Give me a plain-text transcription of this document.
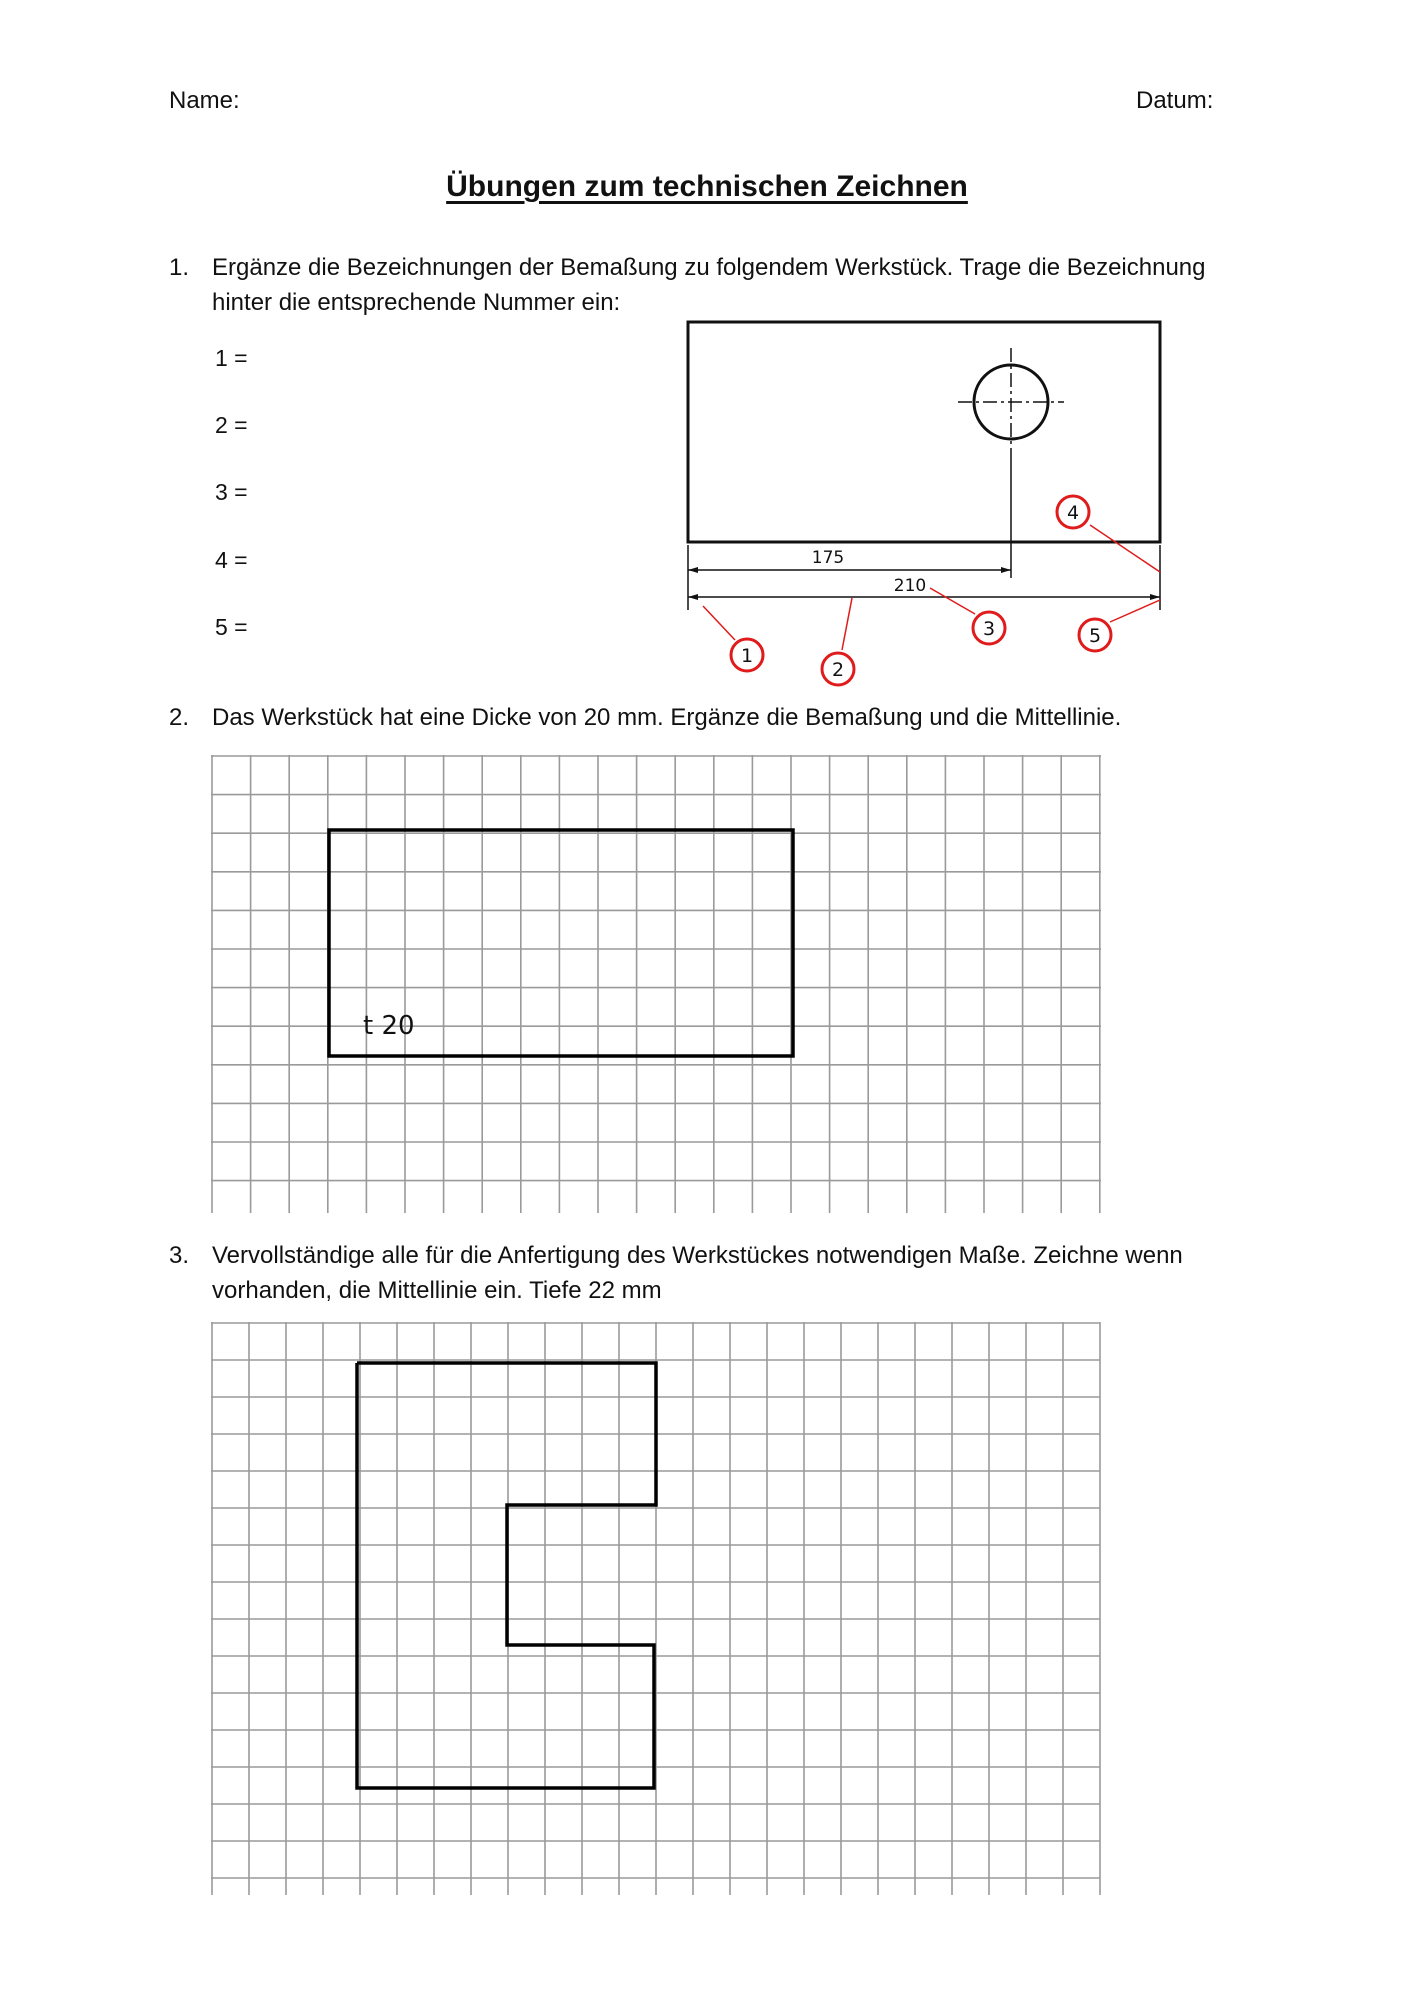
Name:	Datum:
Übungen zum technischen Zeichnen
1. Ergänze die Bezeichnungen der Bemaßung zu folgendem Werkstück. Trage die Bezeichnung hinter die entsprechende Nummer ein:
1 =
2 =
3 =
4 =
5 =
175
210
1
2
3
4
5
2. Das Werkstück hat eine Dicke von 20 mm. Ergänze die Bemaßung und die Mittellinie.
t 20
3. Vervollständige alle für die Anfertigung des Werkstückes notwendigen Maße. Zeichne wenn vorhanden, die Mittellinie ein. Tiefe 22 mm
